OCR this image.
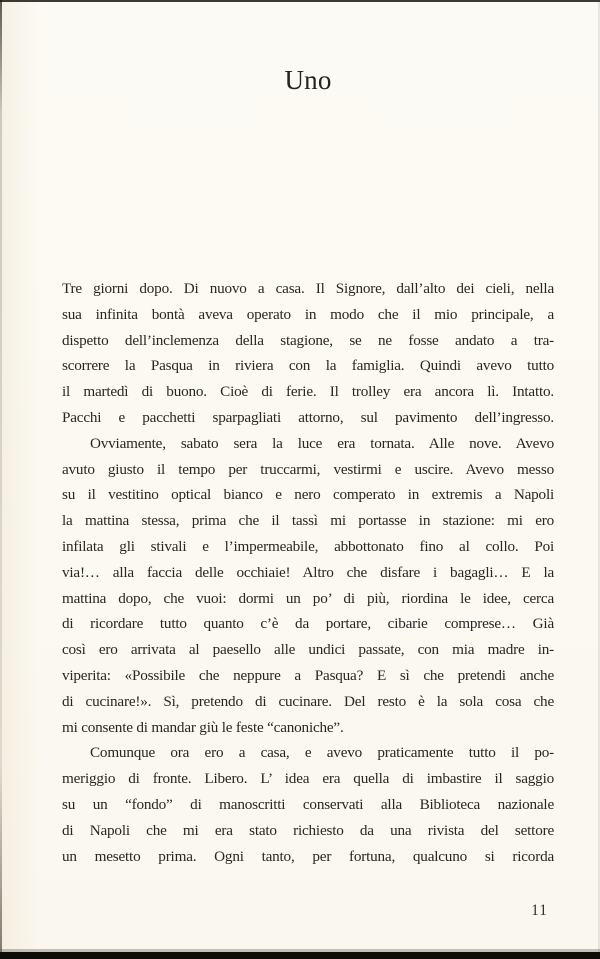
Uno
Tre giorni dopo. Di nuovo a casa. Il Signore, dall’alto dei cieli, nella
sua infinita bontà aveva operato in modo che il mio principale, a
dispetto dell’inclemenza della stagione, se ne fosse andato a tra-
scorrere la Pasqua in riviera con la famiglia. Quindi avevo tutto
il martedì di buono. Cioè di ferie. Il trolley era ancora lì. Intatto.
Pacchi e pacchetti sparpagliati attorno, sul pavimento dell’ingresso.
Ovviamente, sabato sera la luce era tornata. Alle nove. Avevo
avuto giusto il tempo per truccarmi, vestirmi e uscire. Avevo messo
su il vestitino optical bianco e nero comperato in extremis a Napoli
la mattina stessa, prima che il tassì mi portasse in stazione: mi ero
infilata gli stivali e l’impermeabile, abbottonato fino al collo. Poi
via!… alla faccia delle occhiaie! Altro che disfare i bagagli… E la
mattina dopo, che vuoi: dormi un po’ di più, riordina le idee, cerca
di ricordare tutto quanto c’è da portare, cibarie comprese… Già
così ero arrivata al paesello alle undici passate, con mia madre in-
viperita: «Possibile che neppure a Pasqua? E sì che pretendi anche
di cucinare!». Sì, pretendo di cucinare. Del resto è la sola cosa che
mi consente di mandar giù le feste “canoniche”.
Comunque ora ero a casa, e avevo praticamente tutto il po-
meriggio di fronte. Libero. L’ idea era quella di imbastire il saggio
su un “fondo” di manoscritti conservati alla Biblioteca nazionale
di Napoli che mi era stato richiesto da una rivista del settore
un mesetto prima. Ogni tanto, per fortuna, qualcuno si ricorda
11
